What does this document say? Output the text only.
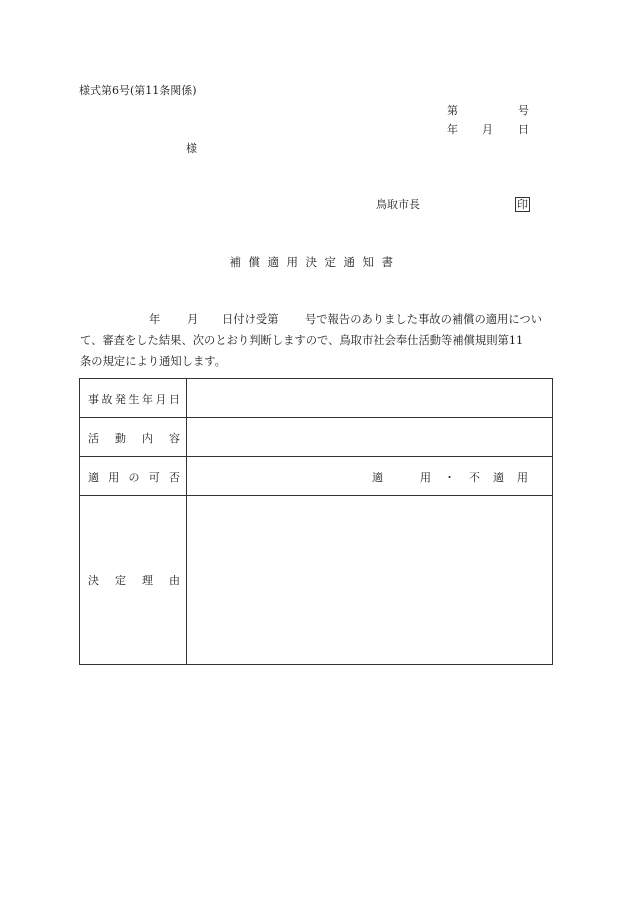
様式第6号(第11条関係)
第	号
年 月 日
様
鳥取市長	印
補償適用決定通知書
年 月 日付け受第 号で報告のありました事故の補償の適用につい
て、審査をした結果、次のとおり判断しますので、鳥取市社会奉仕活動等補償規則第11
条の規定により通知します。
事 故 発 生 年 月 日
活 動 内 容
適 用 の 可 否	適	用 ・ 不 適 用
決 定 理 由
